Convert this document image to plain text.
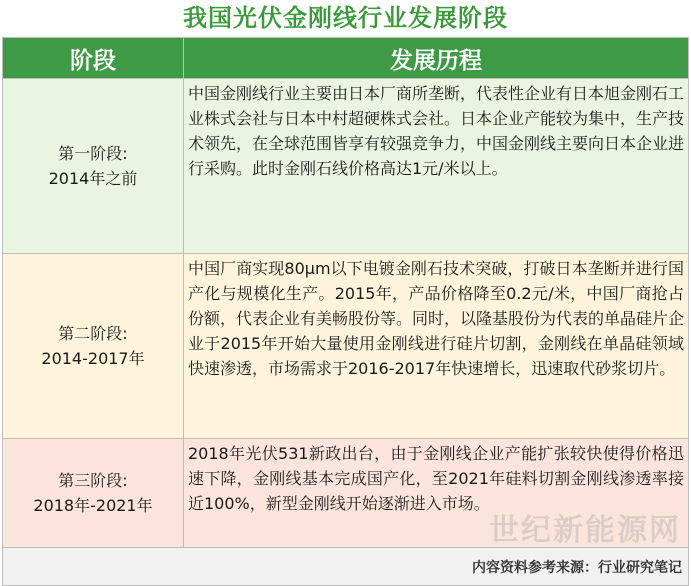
我国光伏金刚线行业发展阶段
阶段	发展历程

第一阶段:
2014年之前	中国金刚线行业主要由日本厂商所垄断，代表性企业有日本旭金刚石工业株式会社与日本中村超硬株式会社。日本企业产能较为集中，生产技术领先，在全球范围皆享有较强竞争力，中国金刚线主要向日本企业进行采购。此时金刚石线价格高达1元/米以上。

第二阶段:
2014-2017年	中国厂商实现80μm以下电镀金刚石技术突破，打破日本垄断并进行国产化与规模化生产。2015年，产品价格降至0.2元/米，中国厂商抢占份额，代表企业有美畅股份等。同时，以隆基股份为代表的单晶硅片企业于2015年开始大量使用金刚线进行硅片切割，金刚线在单晶硅领域快速渗透，市场需求于2016-2017年快速增长，迅速取代砂浆切片。

第三阶段:
2018年-2021年	2018年光伏531新政出台，由于金刚线企业产能扩张较快使得价格迅速下降，金刚线基本完成国产化，至2021年硅料切割金刚线渗透率接近100%，新型金刚线开始逐渐进入市场。
内容资料参考来源：行业研究笔记	
世纪新能源网
